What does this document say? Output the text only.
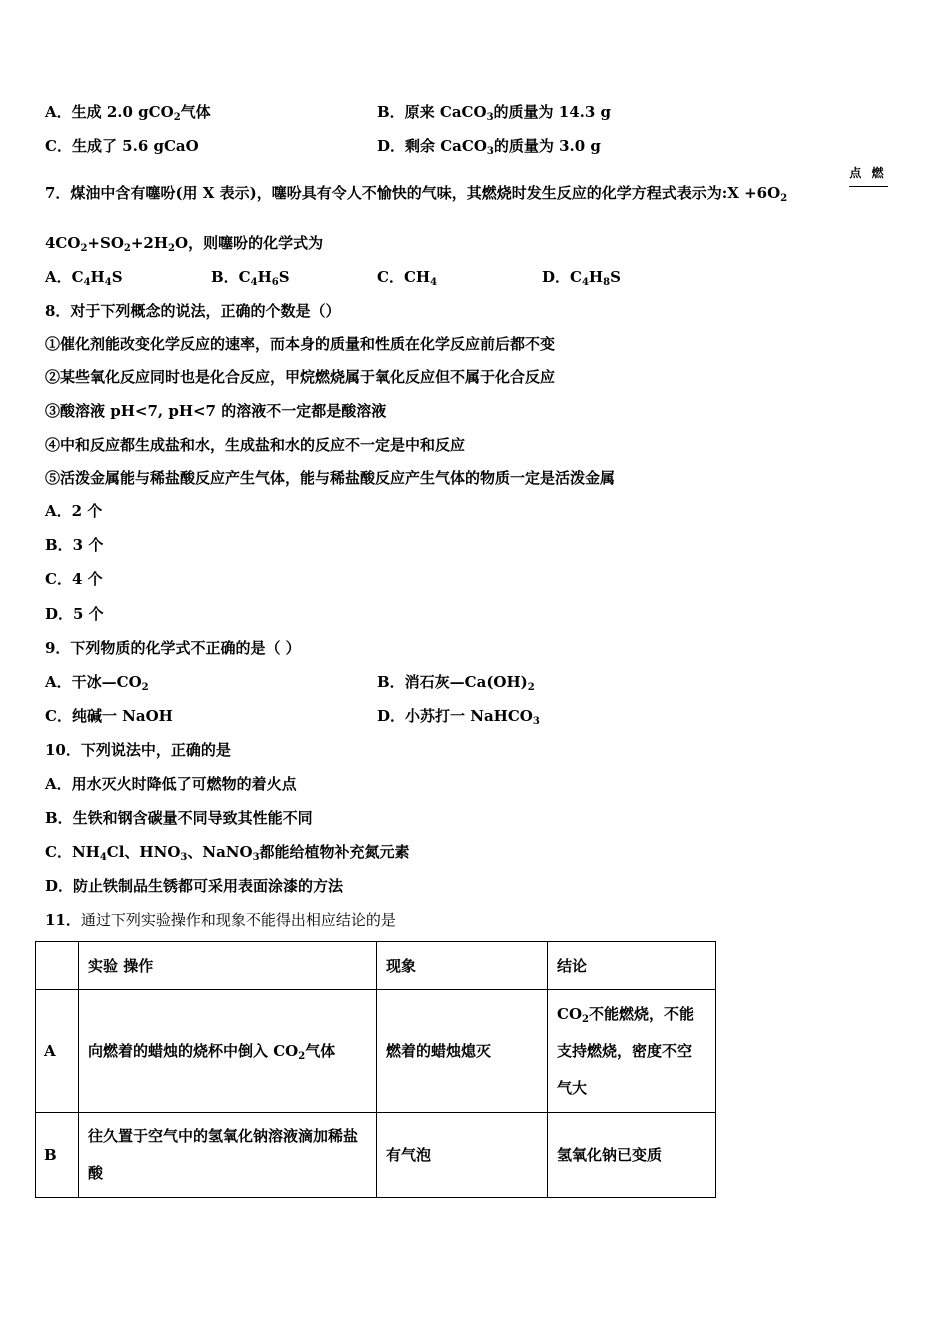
A．生成 2.0 gCO$_2$气体	B．原来 CaCO$_3$的质量为 14.3 g
C．生成了 5.6 gCaO	D．剩余 CaCO$_3$的质量为 3.0 g
7．煤油中含有噻吩(用 X 表示)，噻吩具有令人不愉快的气味，其燃烧时发生反应的化学方程式表示为:X $+6O_2$
点 燃
$4CO_2+SO_2+2H_2O$，则噻吩的化学式为
A．$C_4H_4S$	B．$C_4H_6S$	C．$CH_4$	D．$C_4H_8S$
8．对于下列概念的说法，正确的个数是（）
①催化剂能改变化学反应的速率，而本身的质量和性质在化学反应前后都不变
②某些氧化反应同时也是化合反应，甲烷燃烧属于氧化反应但不属于化合反应
③酸溶液 pH<7, pH<7 的溶液不一定都是酸溶液
④中和反应都生成盐和水，生成盐和水的反应不一定是中和反应
⑤活泼金属能与稀盐酸反应产生气体，能与稀盐酸反应产生气体的物质一定是活泼金属
A．2 个
B．3 个
C．4 个
D．5 个
9．下列物质的化学式不正确的是（ ）
A．干冰$—CO_2$	B．消石灰$—Ca(OH)_2$
C．纯碱一 NaOH	D．小苏打一 NaHCO$_3$
10．下列说法中，正确的是
A．用水灭火时降低了可燃物的着火点
B．生铁和钢含碳量不同导致其性能不同
C．$NH_4Cl$、$HNO_3$、NaNO$_3$都能给植物补充氮元素
D．防止铁制品生锈都可采用表面涂漆的方法
11．通过下列实验操作和现象不能得出相应结论的是
	实验 操作	现象	结论
A	向燃着的蜡烛的烧杯中倒入 $CO_2$气体	燃着的蜡烛熄灭	$CO_2$不能燃烧，不能支持燃烧，密度不空气大
B	往久置于空气中的氢氧化钠溶液滴加稀盐酸	有气泡	氢氧化钠已变质
